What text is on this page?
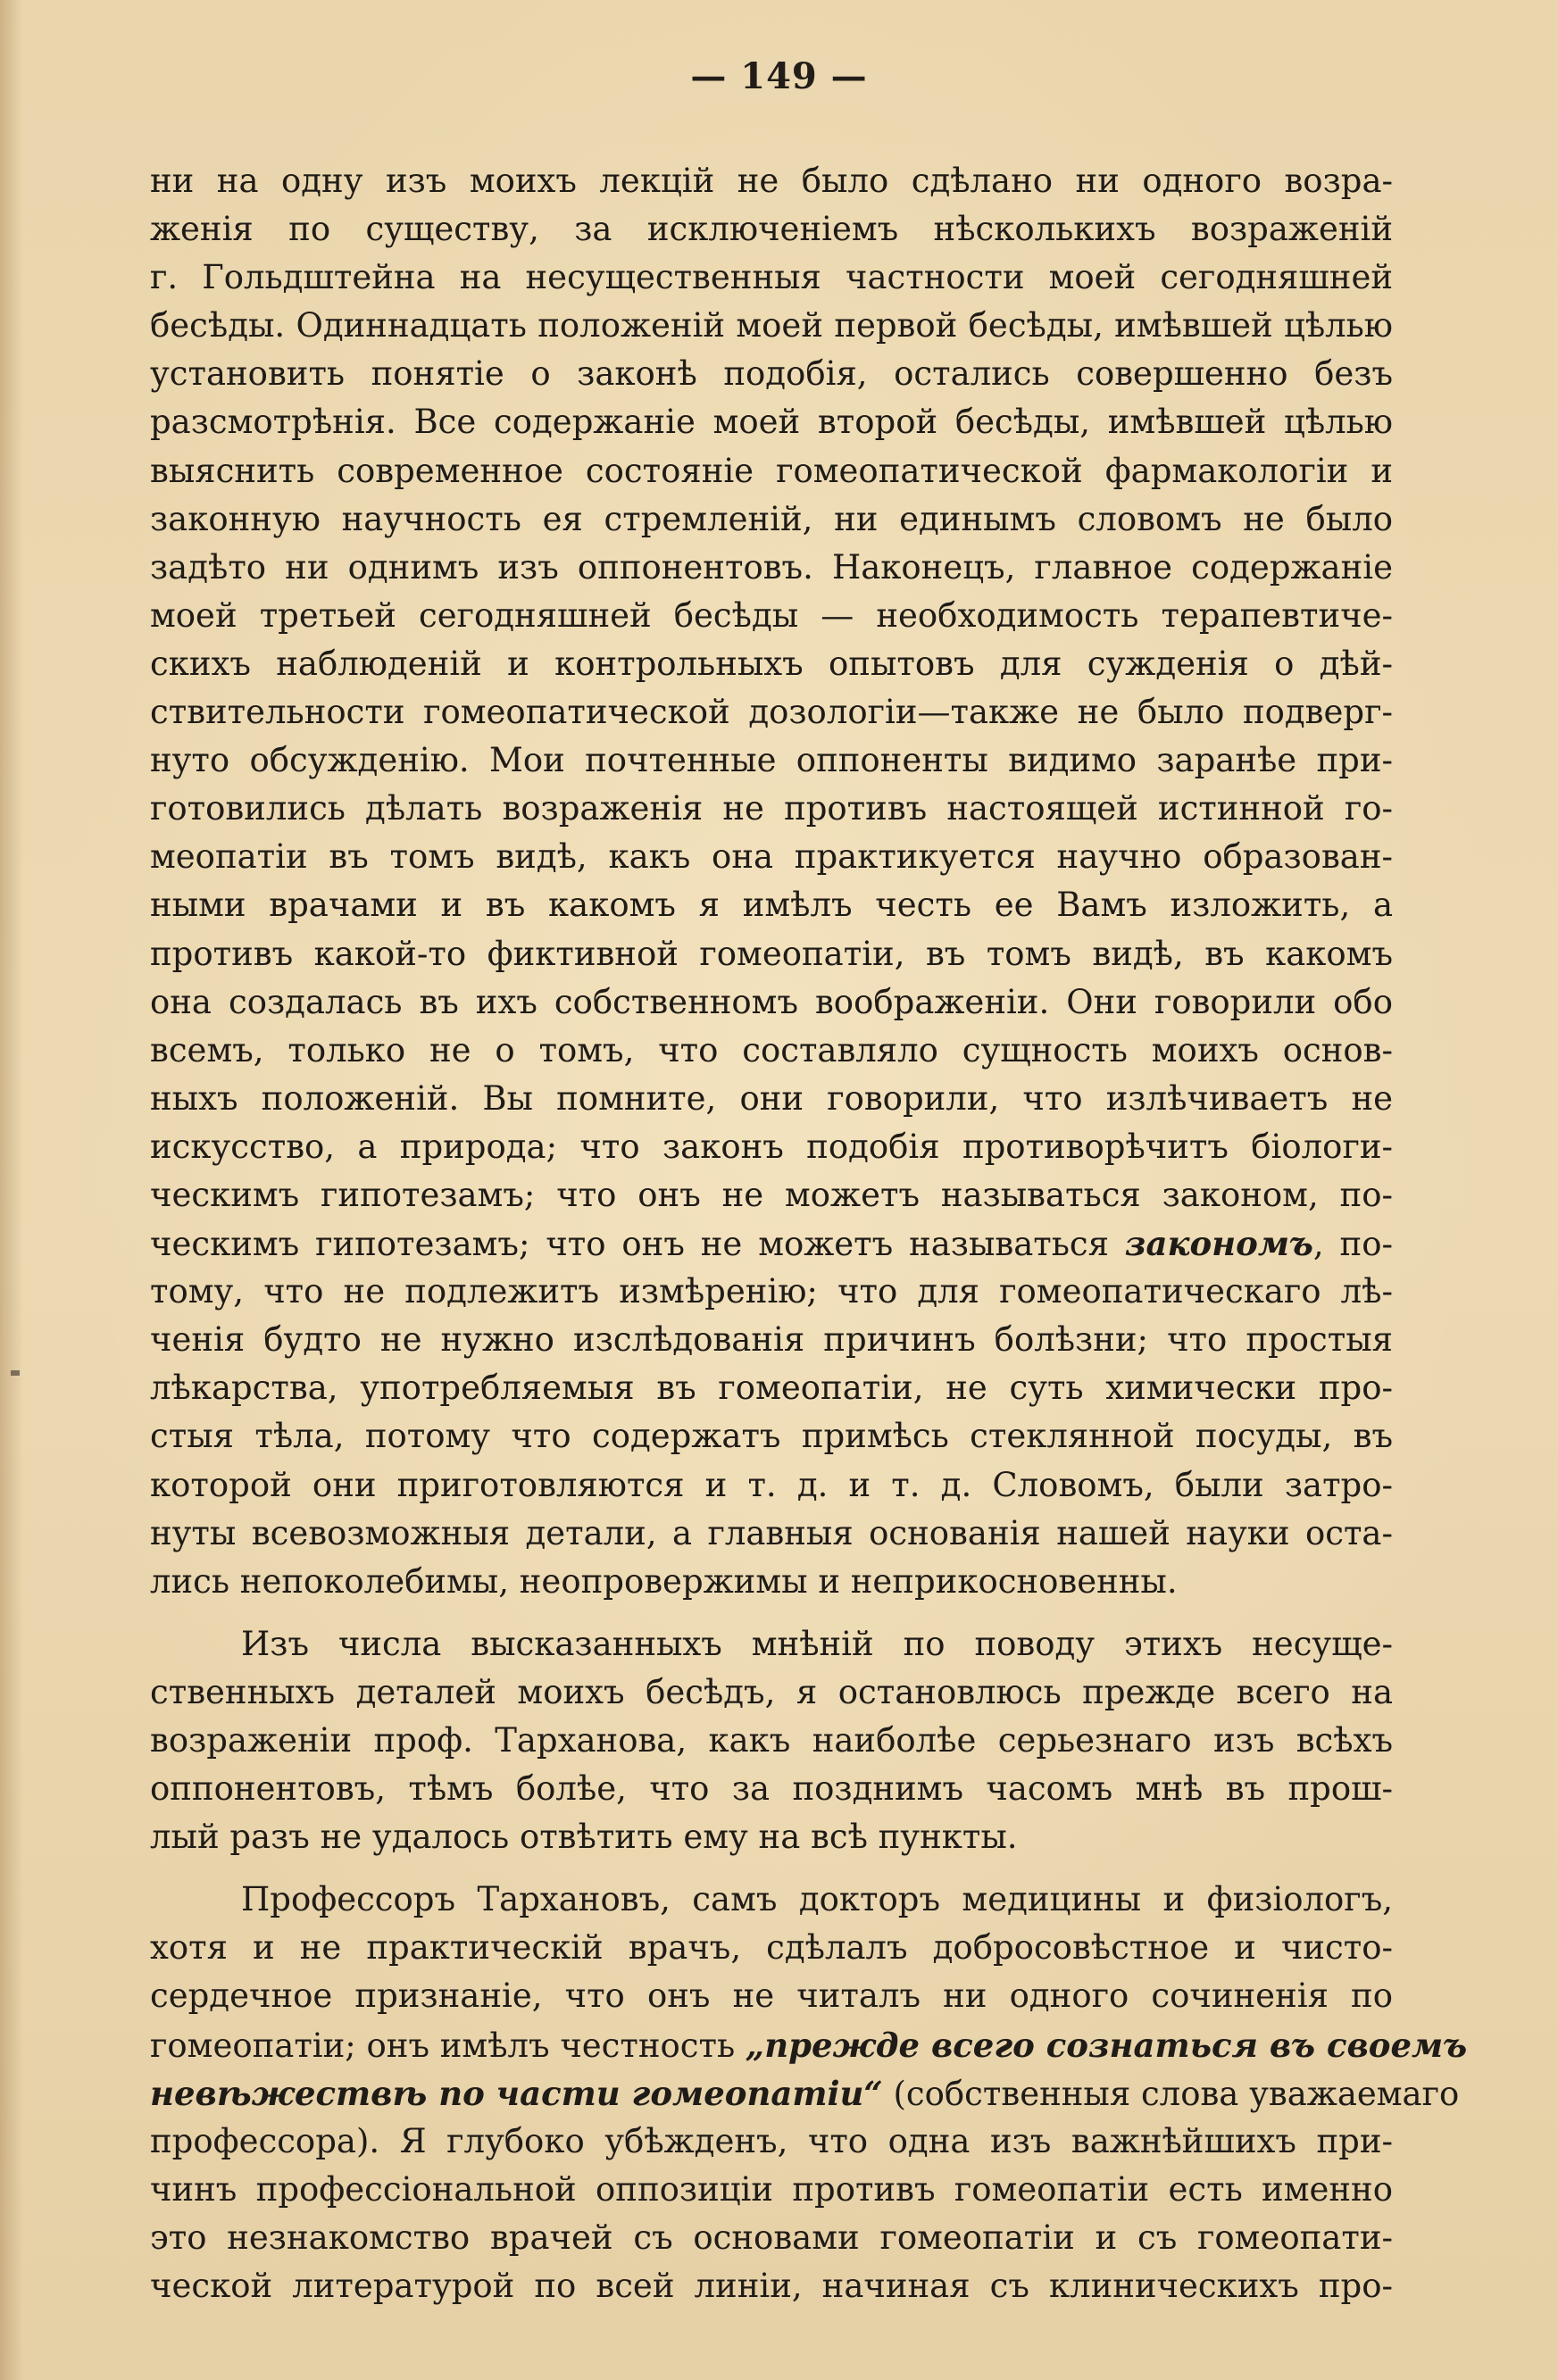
— 149 —
ни на одну изъ моихъ лекцій не было сдѣлано ни одного возра-
женія по существу, за исключеніемъ нѣсколькихъ возраженій
г. Гольдштейна на несущественныя частности моей сегодняшней
бесѣды. Одиннадцать положеній моей первой бесѣды, имѣвшей цѣлью
установить понятіе о законѣ подобія, остались совершенно безъ
разсмотрѣнія. Все содержаніе моей второй бесѣды, имѣвшей цѣлью
выяснить современное состояніе гомеопатической фармакологіи и
законную научность ея стремленій, ни единымъ словомъ не было
задѣто ни однимъ изъ оппонентовъ. Наконецъ, главное содержаніе
моей третьей сегодняшней бесѣды — необходимость терапевтиче-
скихъ наблюденій и контрольныхъ опытовъ для сужденія о дѣй-
ствительности гомеопатической дозологіи—также не было подверг-
нуто обсужденію. Мои почтенные оппоненты видимо заранѣе при-
готовились дѣлать возраженія не противъ настоящей истинной го-
меопатіи въ томъ видѣ, какъ она практикуется научно образован-
ными врачами и въ какомъ я имѣлъ честь ее Вамъ изложить, а
противъ какой-то фиктивной гомеопатіи, въ томъ видѣ, въ какомъ
она создалась въ ихъ собственномъ воображеніи. Они говорили обо
всемъ, только не о томъ, что составляло сущность моихъ основ-
ныхъ положеній. Вы помните, они говорили, что излѣчиваетъ не
искусство, а природа; что законъ подобія противорѣчитъ біологи-
ческимъ гипотезамъ; что онъ не можетъ называться законом, по-
ческимъ гипотезамъ; что онъ не можетъ называться закономъ, по-
тому, что не подлежитъ измѣренію; что для гомеопатическаго лѣ-
ченія будто не нужно изслѣдованія причинъ болѣзни; что простыя
лѣкарства, употребляемыя въ гомеопатіи, не суть химически про-
стыя тѣла, потому что содержатъ примѣсь стеклянной посуды, въ
которой они приготовляются и т. д. и т. д. Словомъ, были затро-
нуты всевозможныя детали, а главныя основанія нашей науки оста-
лись непоколебимы, неопровержимы и неприкосновенны.
Изъ числа высказанныхъ мнѣній по поводу этихъ несуще-
ственныхъ деталей моихъ бесѣдъ, я остановлюсь прежде всего на
возраженіи проф. Тарханова, какъ наиболѣе серьезнаго изъ всѣхъ
оппонентовъ, тѣмъ болѣе, что за позднимъ часомъ мнѣ въ прош-
лый разъ не удалось отвѣтить ему на всѣ пункты.
Профессоръ Тархановъ, самъ докторъ медицины и физіологъ,
хотя и не практическій врачъ, сдѣлалъ добросовѣстное и чисто-
сердечное признаніе, что онъ не читалъ ни одного сочиненія по
гомеопатіи; онъ имѣлъ честность „прежде всего сознаться въ своемъ
невѣжествѣ по части гомеопатіи“ (собственныя слова уважаемаго
профессора). Я глубоко убѣжденъ, что одна изъ важнѣйшихъ при-
чинъ профессіональной оппозиціи противъ гомеопатіи есть именно
это незнакомство врачей съ основами гомеопатіи и съ гомеопати-
ческой литературой по всей линіи, начиная съ клиническихъ про-
